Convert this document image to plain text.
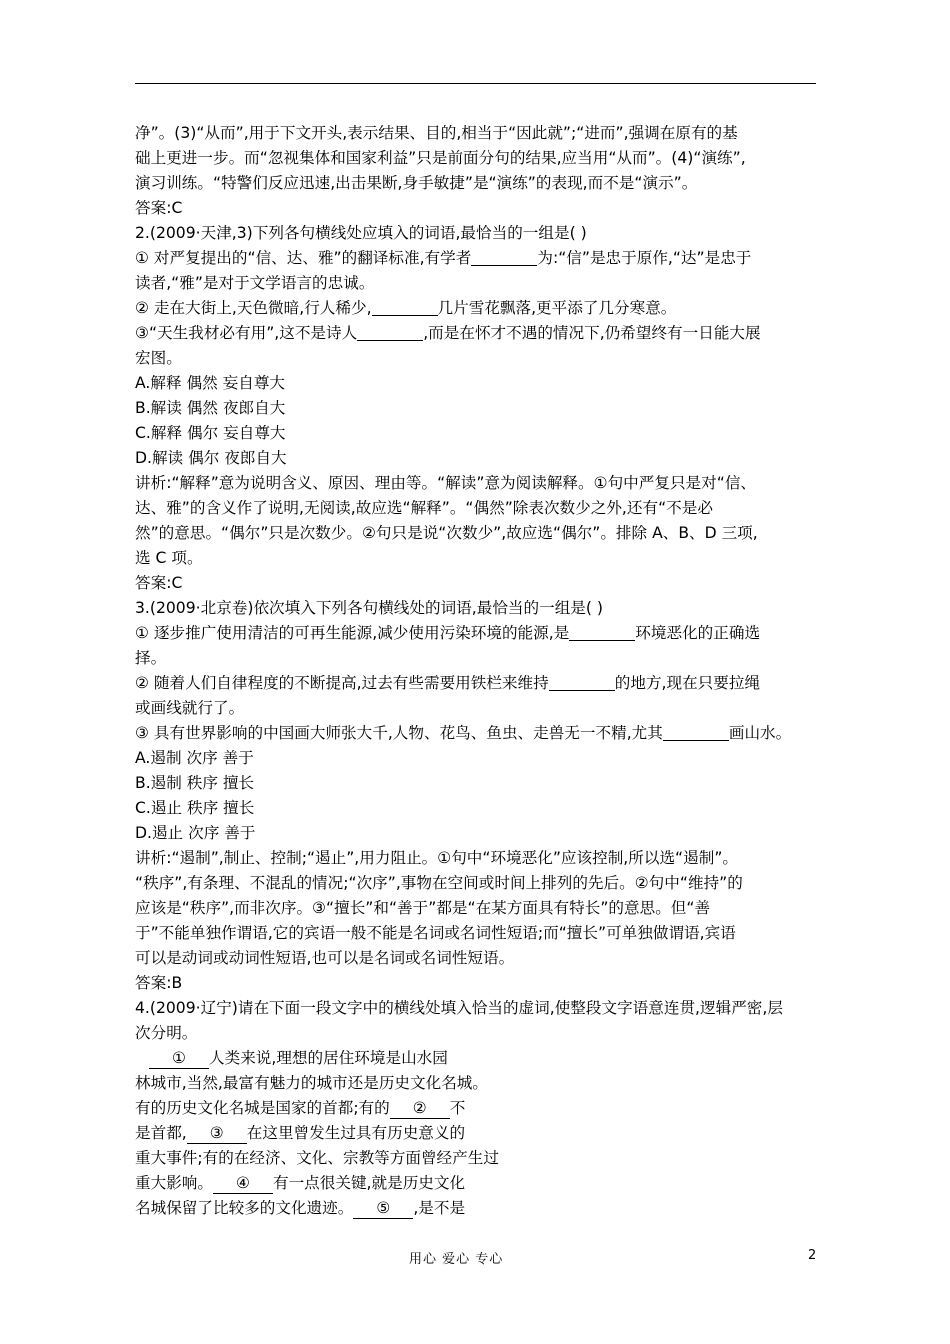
净”。(3)“从而”,用于下文开头,表示结果、目的,相当于“因此就”;“进而”,强调在原有的基

础上更进一步。而“忽视集体和国家利益”只是前面分句的结果,应当用“从而”。(4)“演练”,

演习训练。“特警们反应迅速,出击果断,身手敏捷”是“演练”的表现,而不是“演示”。

答案:C

2.(2009·天津,3)下列各句横线处应填入的词语,最恰当的一组是( )

① 对严复提出的“信、达、雅”的翻译标准,有学者	为:“信”是忠于原作,“达”是忠于

读者,“雅”是对于文学语言的忠诚。

② 走在大街上,天色微暗,行人稀少,	几片雪花飘落,更平添了几分寒意。

③“天生我材必有用”,这不是诗人	,而是在怀才不遇的情况下,仍希望终有一日能大展

宏图。

A.解释 偶然 妄自尊大

B.解读 偶然 夜郎自大

C.解释 偶尔 妄自尊大

D.解读 偶尔 夜郎自大

讲析:“解释”意为说明含义、原因、理由等。“解读”意为阅读解释。①句中严复只是对“信、

达、雅”的含义作了说明,无阅读,故应选“解释”。“偶然”除表次数少之外,还有“不是必

然”的意思。“偶尔”只是次数少。②句只是说“次数少”,故应选“偶尔”。排除 A、B、D 三项,

选 C 项。

答案:C

3.(2009·北京卷)依次填入下列各句横线处的词语,最恰当的一组是( )

① 逐步推广使用清洁的可再生能源,减少使用污染环境的能源,是	环境恶化的正确选

择。

② 随着人们自律程度的不断提高,过去有些需要用铁栏来维持	的地方,现在只要拉绳

或画线就行了。

③ 具有世界影响的中国画大师张大千,人物、花鸟、鱼虫、走兽无一不精,尤其	画山水。

A.遏制 次序 善于

B.遏制 秩序 擅长

C.遏止 秩序 擅长

D.遏止 次序 善于

讲析:“遏制”,制止、控制;“遏止”,用力阻止。①句中“环境恶化”应该控制,所以选“遏制”。

“秩序”,有条理、不混乱的情况;“次序”,事物在空间或时间上排列的先后。②句中“维持”的

应该是“秩序”,而非次序。③“擅长”和“善于”都是“在某方面具有特长”的意思。但“善

于”不能单独作谓语,它的宾语一般不能是名词或名词性短语;而“擅长”可单独做谓语,宾语

可以是动词或动词性短语,也可以是名词或名词性短语。

答案:B

4.(2009·辽宁)请在下面一段文字中的横线处填入恰当的虚词,使整段文字语意连贯,逻辑严密,层

次分明。

① 人类来说,理想的居住环境是山水园

林城市,当然,最富有魅力的城市还是历史文化名城。

有的历史文化名城是国家的首都;有的 ② 不

是首都, ③ 在这里曾发生过具有历史意义的

重大事件;有的在经济、文化、宗教等方面曾经产生过

重大影响。 ④ 有一点很关键,就是历史文化

名城保留了比较多的文化遗迹。 ⑤ ,是不是

用心 爱心 专心	2
